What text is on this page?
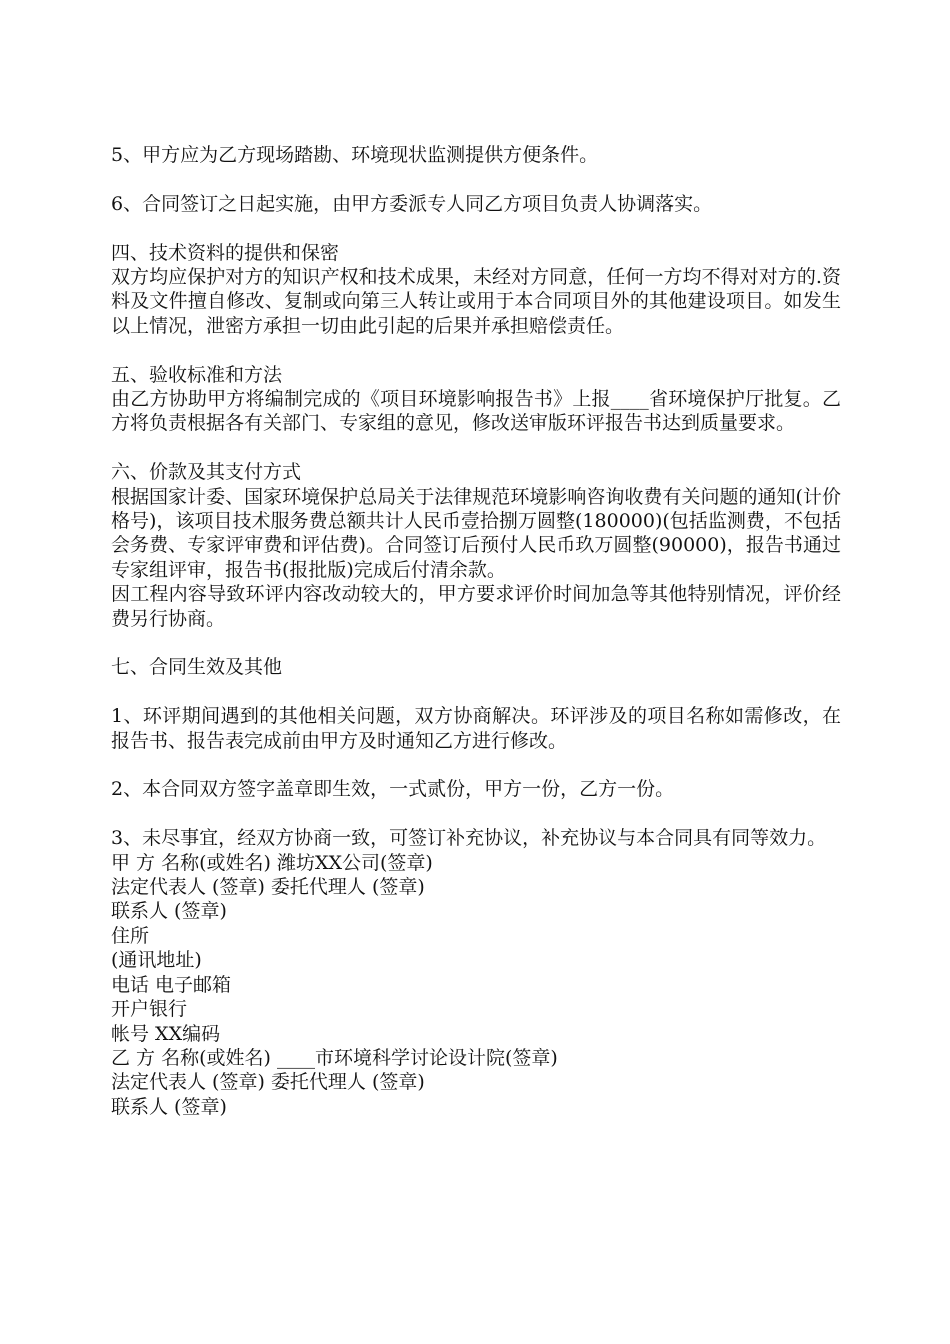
5、甲方应为乙方现场踏勘、环境现状监测提供方便条件。

6、合同签订之日起实施，由甲方委派专人同乙方项目负责人协调落实。

四、技术资料的提供和保密

双方均应保护对方的知识产权和技术成果，未经对方同意，任何一方均不得对对方的.资料及文件擅自修改、复制或向第三人转让或用于本合同项目外的其他建设项目。如发生以上情况，泄密方承担一切由此引起的后果并承担赔偿责任。

五、验收标准和方法

由乙方协助甲方将编制完成的《项目环境影响报告书》上报____省环境保护厅批复。乙方将负责根据各有关部门、专家组的意见，修改送审版环评报告书达到质量要求。

六、价款及其支付方式

根据国家计委、国家环境保护总局关于法律规范环境影响咨询收费有关问题的通知(计价格号)，该项目技术服务费总额共计人民币壹拾捌万圆整(180000)(包括监测费，不包括会务费、专家评审费和评估费)。合同签订后预付人民币玖万圆整(90000)，报告书通过专家组评审，报告书(报批版)完成后付清余款。

因工程内容导致环评内容改动较大的，甲方要求评价时间加急等其他特别情况，评价经费另行协商。

七、合同生效及其他

1、环评期间遇到的其他相关问题，双方协商解决。环评涉及的项目名称如需修改，在报告书、报告表完成前由甲方及时通知乙方进行修改。

2、本合同双方签字盖章即生效，一式贰份，甲方一份，乙方一份。

3、未尽事宜，经双方协商一致，可签订补充协议，补充协议与本合同具有同等效力。

甲 方 名称(或姓名) 潍坊XX公司(签章)
法定代表人 (签章) 委托代理人 (签章)
联系人 (签章)
住所
(通讯地址)
电话 电子邮箱
开户银行
帐号 XX编码
乙 方 名称(或姓名) ____市环境科学讨论设计院(签章)
法定代表人 (签章) 委托代理人 (签章)
联系人 (签章)
